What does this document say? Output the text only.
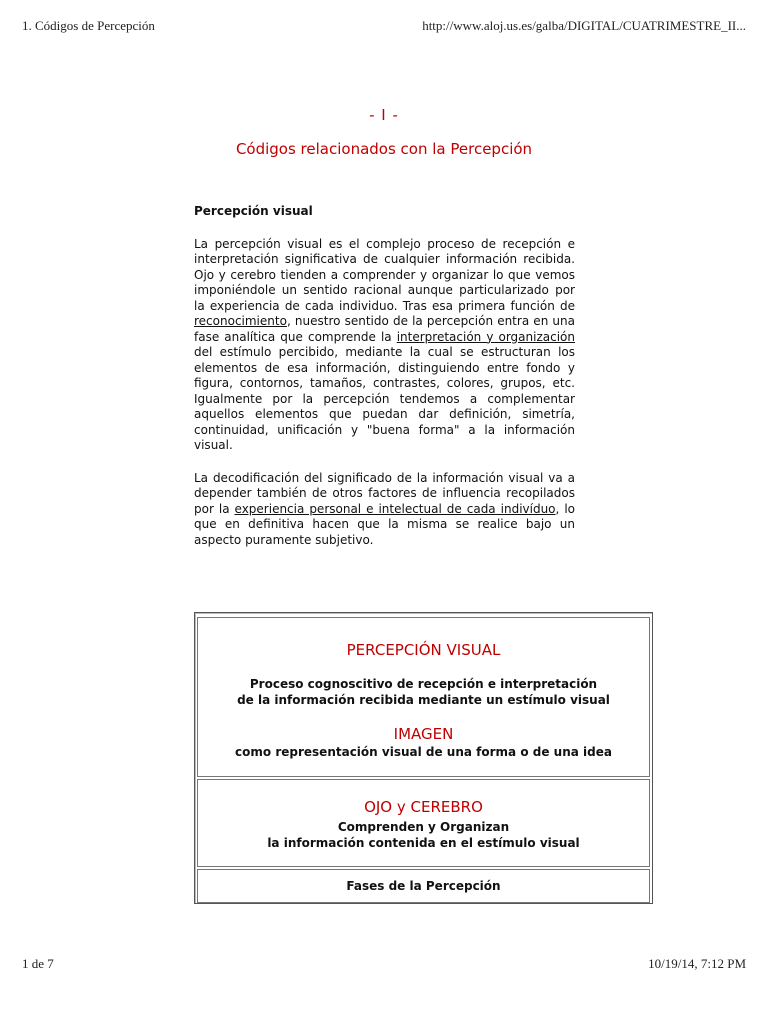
1. Códigos de Percepción	http://www.aloj.us.es/galba/DIGITAL/CUATRIMESTRE_II...
- I -
Códigos relacionados con la Percepción
Percepción visual

La percepción visual es el complejo proceso de recepción e interpretación significativa de cualquier información recibida. Ojo y cerebro tienden a comprender y organizar lo que vemos imponiéndole un sentido racional aunque particularizado por la experiencia de cada individuo. Tras esa primera función de reconocimiento, nuestro sentido de la percepción entra en una fase analítica que comprende la interpretación y organización del estímulo percibido, mediante la cual se estructuran los elementos de esa información, distinguiendo entre fondo y figura, contornos, tamaños, contrastes, colores, grupos, etc. Igualmente por la percepción tendemos a complementar aquellos elementos que puedan dar definición, simetría, continuidad, unificación y "buena forma" a la información visual.

La decodificación del significado de la información visual va a depender también de otros factores de influencia recopilados por la experiencia personal e intelectual de cada indivíduo, lo que en definitiva hacen que la misma se realice bajo un aspecto puramente subjetivo.

PERCEPCIÓN VISUAL
Proceso cognoscitivo de recepción e interpretación
de la información recibida mediante un estímulo visual
IMAGEN
como representación visual de una forma o de una idea
OJO y CEREBRO
Comprenden y Organizan
la información contenida en el estímulo visual
Fases de la Percepción
1 de 7	10/19/14, 7:12 PM
